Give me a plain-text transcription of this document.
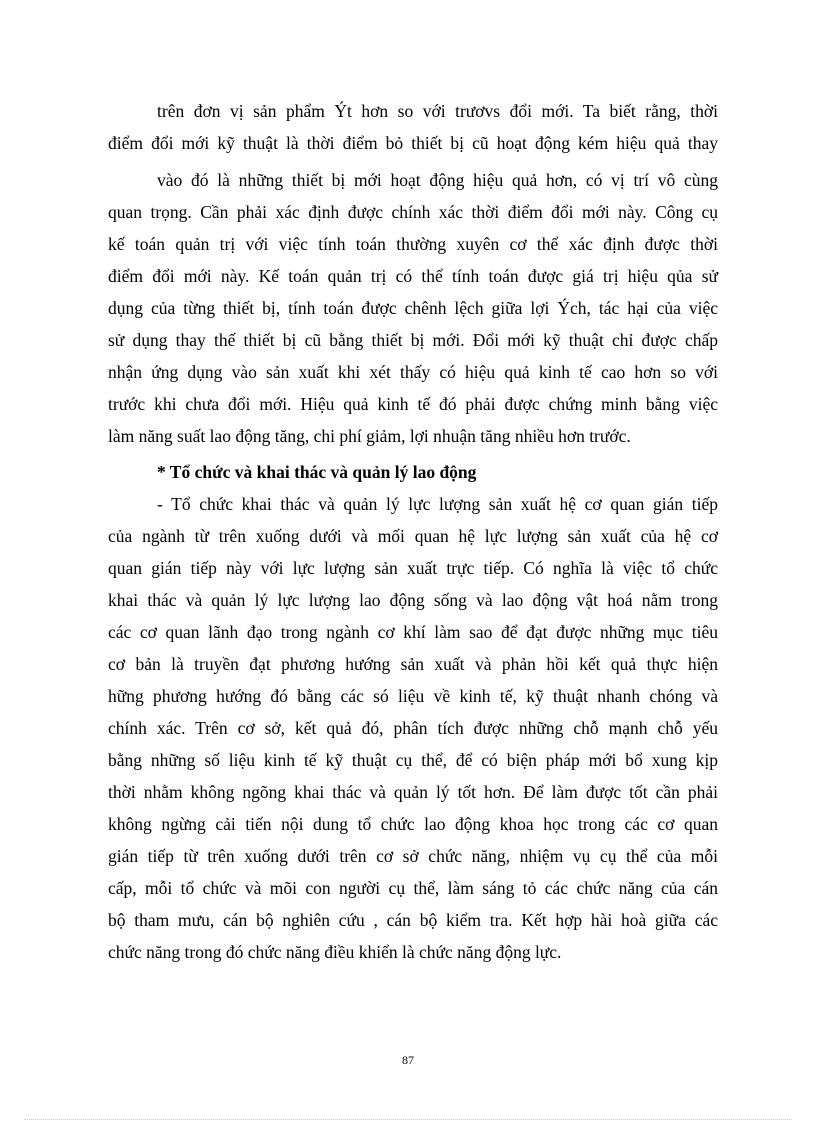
trên đơn vị sản phẩm Ýt hơn so với trươvs đổi mới. Ta biết rằng, thời
điểm đổi mới kỹ thuật là thời điểm bỏ thiết bị cũ hoạt động kém hiệu quả thay
vào đó là những thiết bị mới hoạt động hiệu quả hơn, có vị trí vô cùng
quan trọng. Cần phải xác định được chính xác thời điểm đổi mới này. Công cụ
kế toán quản trị với việc tính toán thường xuyên cơ thể xác định được thời
điểm đổi mới này. Kế toán quản trị có thể tính toán được giá trị hiệu qủa sử
dụng của từng thiết bị, tính toán được chênh lệch giữa lợi Ých, tác hại của việc
sử dụng thay thế thiết bị cũ bằng thiết bị mới. Đổi mới kỹ thuật chỉ được chấp
nhận ứng dụng vào sản xuất khi xét thấy có hiệu quả kinh tế cao hơn so với
trước khi chưa đổi mới. Hiệu quả kinh tế đó phải được chứng minh bằng việc
làm năng suất lao động tăng, chi phí giảm, lợi nhuận tăng nhiều hơn trước.
* Tổ chức và khai thác và quản lý lao động
- Tổ chức khai thác và quản lý lực lượng sản xuất hệ cơ quan gián tiếp
của ngành từ trên xuống dưới và mối quan hệ lực lượng sản xuất của hệ cơ
quan gián tiếp này với lực lượng sản xuất trực tiếp. Có nghĩa là việc tổ chức
khai thác và quản lý lực lượng lao động sống và lao động vật hoá nằm trong
các cơ quan lãnh đạo trong ngành cơ khí làm sao để đạt được những mục tiêu
cơ bản là truyền đạt phương hướng sản xuất và phản hồi kết quả thực hiện
hững phương hướng đó bằng các só liệu về kinh tế, kỹ thuật nhanh chóng và
chính xác. Trên cơ sở, kết quả đó, phân tích được những chỗ mạnh chỗ yếu
bằng những số liệu kinh tế kỹ thuật cụ thể, để có biện pháp mới bổ xung kịp
thời nhằm không ngõng khai thác và quản lý tốt hơn. Để làm được tốt cần phải
không ngừng cải tiến nội dung tổ chức lao động khoa học trong các cơ quan
gián tiếp từ trên xuống dưới trên cơ sở chức năng, nhiệm vụ cụ thể của mỗi
cấp, mỗi tổ chức và mõi con người cụ thể, làm sáng tỏ các chức năng của cán
bộ tham mưu, cán bộ nghiên cứu , cán bộ kiểm tra. Kết hợp hài hoà giữa các
chức năng trong đó chức năng điều khiển là chức năng động lực.
87
